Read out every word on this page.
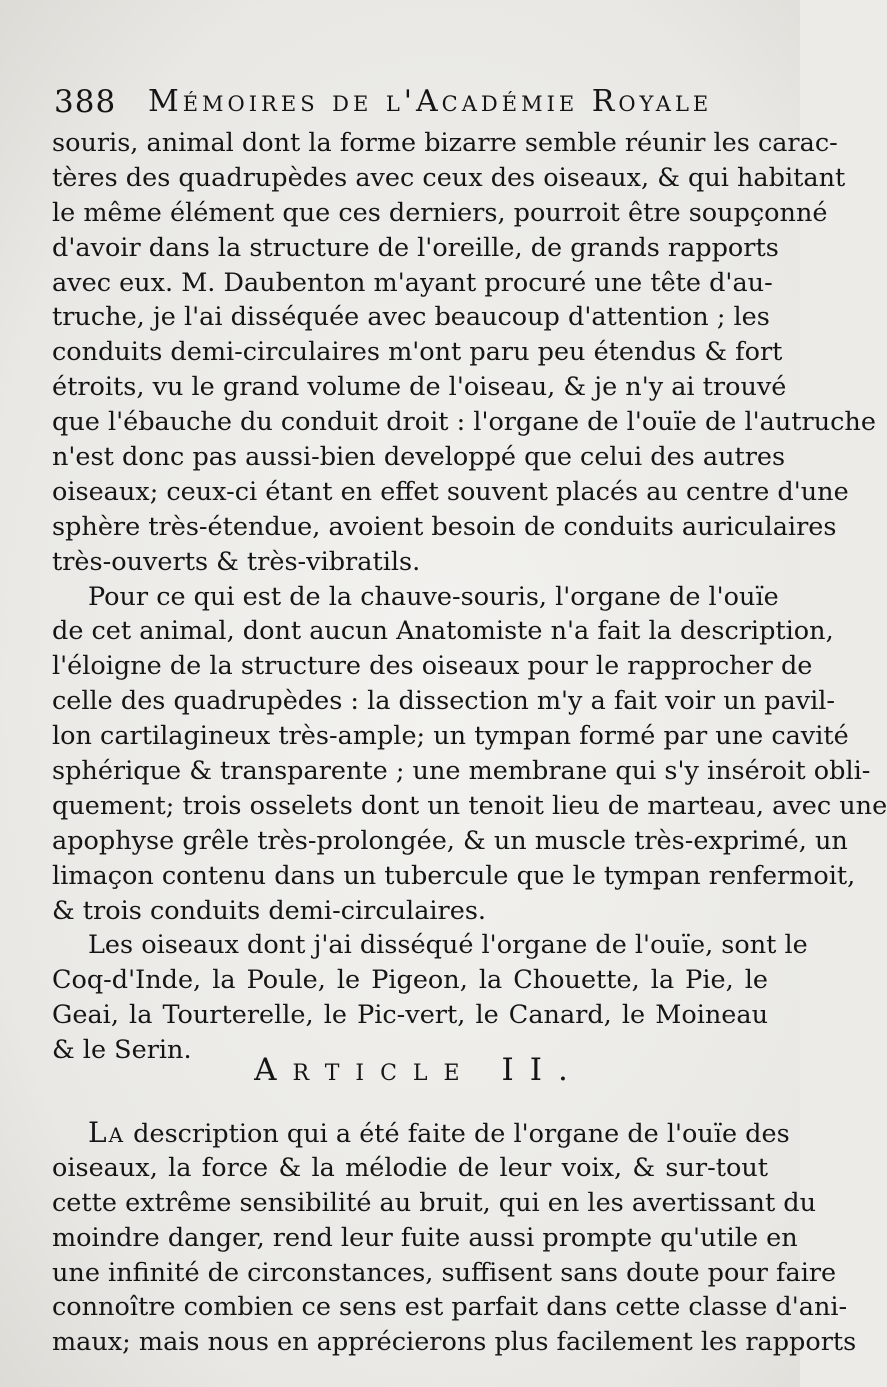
388 Mémoires de l'Académie Royale
souris, animal dont la forme bizarre semble réunir les carac-
tères des quadrupèdes avec ceux des oiseaux, & qui habitant
le même élément que ces derniers, pourroit être soupçonné
d'avoir dans la structure de l'oreille, de grands rapports
avec eux. M. Daubenton m'ayant procuré une tête d'au-
truche, je l'ai disséquée avec beaucoup d'attention ; les
conduits demi-circulaires m'ont paru peu étendus & fort
étroits, vu le grand volume de l'oiseau, & je n'y ai trouvé
que l'ébauche du conduit droit : l'organe de l'ouïe de l'autruche
n'est donc pas aussi-bien developpé que celui des autres
oiseaux; ceux-ci étant en effet souvent placés au centre d'une
sphère très-étendue, avoient besoin de conduits auriculaires
très-ouverts & très-vibratils.
Pour ce qui est de la chauve-souris, l'organe de l'ouïe
de cet animal, dont aucun Anatomiste n'a fait la description,
l'éloigne de la structure des oiseaux pour le rapprocher de
celle des quadrupèdes : la dissection m'y a fait voir un pavil-
lon cartilagineux très-ample; un tympan formé par une cavité
sphérique & transparente ; une membrane qui s'y inséroit obli-
quement; trois osselets dont un tenoit lieu de marteau, avec une
apophyse grêle très-prolongée, & un muscle très-exprimé, un
limaçon contenu dans un tubercule que le tympan renfermoit,
& trois conduits demi-circulaires.
Les oiseaux dont j'ai disséqué l'organe de l'ouïe, sont le
Coq-d'Inde, la Poule, le Pigeon, la Chouette, la Pie, le
Geai, la Tourterelle, le Pic-vert, le Canard, le Moineau
& le Serin.
Article II.
La description qui a été faite de l'organe de l'ouïe des
oiseaux, la force & la mélodie de leur voix, & sur-tout
cette extrême sensibilité au bruit, qui en les avertissant du
moindre danger, rend leur fuite aussi prompte qu'utile en
une infinité de circonstances, suffisent sans doute pour faire
connoître combien ce sens est parfait dans cette classe d'ani-
maux; mais nous en apprécierons plus facilement les rapports
